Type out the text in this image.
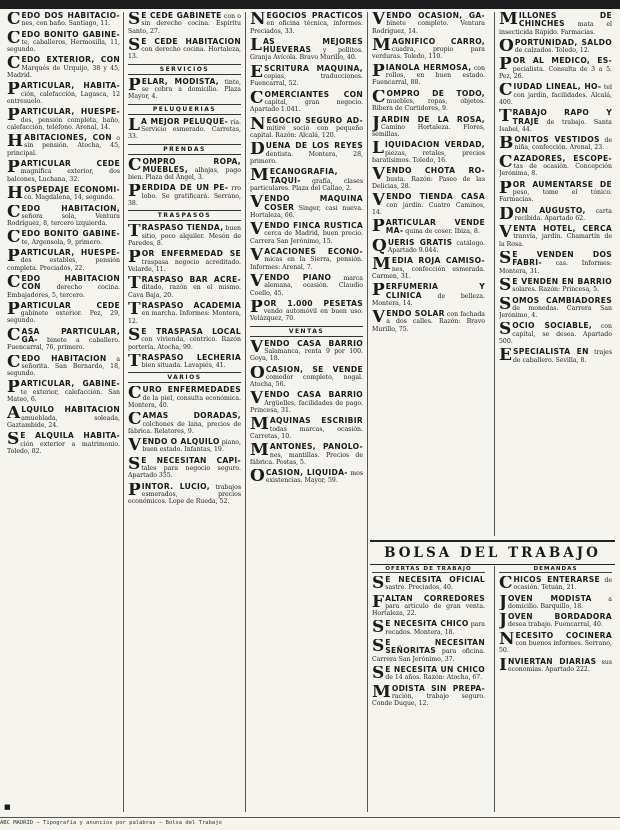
CEDO DOS HABITACIO- nes, con baño. Santiago, 11.
CEDO BONITO GABINE- te, caballeros, Hermosilla, 11, segundo.
CEDO EXTERIOR, CON Marqués de Urquijo, 38 y 45, Madrid.
PARTICULAR, HABITA- ción, calefacción, Lagasca, 12 entresuelo.
PARTICULAR, HUESPE- des, pensión completa, baño, calefacción, teléfono. Arenal, 14.
HABITACIONES, CON o sin pensión. Atocha, 45, principal.
PARTICULAR CEDE magnífica exterior, dos balcones, Luchana, 32.
HOSPEDAJE ECONOMI- co. Magdalena, 14, segundo.
CEDO HABITACION, señora sola, Ventura Rodríguez, 8, tercero izquierda.
CEDO BONITO GABINE- te, Argensola, 9, primero.
PARTICULAR, HUESPE- des estables, pensión completa. Preciados, 22.
CEDO HABITACION CON	derecho cocina. Embajadores, 5, tercero.
PARTICULAR CEDE gabinete exterior. Pez, 29, segundo.
CASA PARTICULAR, GA- binete a caballero. Fuencarral, 76, primero.
CEDO HABITACION a señorita. San Bernardo, 18, segundo.
PARTICULAR, GABINE- te exterior, calefacción. San Mateo, 6.
ALQUILO HABITACION amueblada, soleada, Gaztambide, 24.
S E ALQUILA HABITA- ción exterior a matrimonio. Toledo, 82.
S E CEDE GABINETE con o sin derecho cocina. Espíritu Santo, 27.
S E CEDE HABITACION con derecho cocina. Hortaleza, 13.
SERVICIOS
PELAR, MODISTA, tinte, se cobra a domicilio. Plaza Mayor, 4.
PELUQUERIAS
L A MEJOR PELUQUE- ría. Servicio esmerado. Carretas, 33.
PRENDAS
COMPRO ROPA, MUEBLES, alhajas, pago bien. Plaza del Ángel, 3.
PERDIDA DE UN PE- rro lobo. Se gratificará. Serrano, 38.
TRASPASOS
TRASPASO TIENDA, buen sitio, poco alquiler. Mesón de Paredes, 8.
POR ENFERMEDAD SE traspasa negocio acreditado. Velarde, 11.
TRASPASO BAR ACRE- ditado, razón en el mismo. Cava Baja, 20.
TRASPASO ACADEMIA en marcha. Informes: Montera, 12.
S E TRASPASA LOCAL con vivienda, céntrico. Razón portería. Atocha, 99.
TRASPASO LECHERIA bien situada. Lavapiés, 41.
VARIOS
CURO ENFERMEDADES de la piel, consulta económica. Montera, 40.
CAMAS DORADAS, colchones de lana, precios de fábrica. Relatores, 9.
VENDO O ALQUILO piano, buen estado. Infantas, 19.
S E NECESITAN CAPI- tales para negocio seguro. Apartado 355.
PINTOR. LUCIO, trabajos esmerados, precios económicos. Lope de Rueda, 52.
NEGOCIOS PRACTICOS en oficina técnica, informes. Preciados, 33.
LAS MEJORES HUEVERAS y pollitos. Granja Avícola. Bravo Murillo, 40.
ESCRITURA MAQUINA, copias, traducciones. Fuencarral, 52.
COMERCIANTES CON capital, gran negocio. Apartado 1.041.
NEGOCIO SEGURO AD- mitiré socio con pequeño capital. Razón: Alcalá, 120.
DUEÑA DE LOS REYES dentista. Montera, 28, primero.
MECANOGRAFIA, TAQUI- grafía, clases particulares. Plaza del Callao, 2.
VENDO MAQUINA COSER Singer, casi nueva. Hortaleza, 66.
VENDO FINCA RUSTICA cerca de Madrid, buen precio. Carrera San Jerónimo, 15.
VACACIONES ECONO- micas en la Sierra, pensión. Informes: Arenal, 7.
VENDO PIANO marca alemana, ocasión. Claudio Coello, 45.
POR 1.000 PESETAS vendo automóvil en buen uso. Velázquez, 70.
VENTAS
VENDO CASA BARRIO Salamanca, renta 9 por 100. Goya, 18.
OCASION, SE VENDE comedor completo, nogal. Atocha, 56.
VENDO CASA BARRIO Argüelles, facilidades de pago. Princesa, 31.
MAQUINAS ESCRIBIR todas marcas, ocasión. Carretas, 10.
MANTONES, PAÑOLO- nes, mantillas. Precios de fábrica. Postas, 5.
OCASION, LIQUIDA- mos existencias. Mayor, 59.
VENDO OCASION, GA- binete completo. Ventura Rodríguez, 14.
MAGNIFICO CARRO, cuadra, propio para verduras. Toledo, 110.
PIANOLA HERMOSA, con rollos, en buen estado. Fuencarral, 88.
COMPRO DE TODO, muebles, ropas, objetos. Ribera de Curtidores, 9.
JARDIN DE LA ROSA, Camino Hortaleza. Flores, semillas.
LIQUIDACION VERDAD, piezas, retales, precios baratísimos. Toledo, 16.
VENDO CHOTA RO- busta. Razón: Paseo de las Delicias, 28.
VENDO TIENDA CASA con jardín. Cuatro Caminos, 14.
PARTICULAR VENDE MA- quina de coser. Ibiza, 8.
QUERIS GRATIS catálogo. Apartado 9.044.
MEDIA ROJA CAMISO- nes, confección esmerada. Carmen, 31.
PERFUMERIA Y CLINICA	de belleza. Montera, 14.
VENDO SOLAR con fachada a dos calles. Razón: Bravo Murillo, 75.
MILLONES DE CHINCHES mata el insecticida Rápido. Farmacias.
OPORTUNIDAD, SALDO de calzados. Toledo, 12.
POR AL MEDICO, ES- pecialista. Consulta de 3 a 5. Pez, 26.
CIUDAD LINEAL, HO- tel con jardín, facilidades. Alcalá, 400.
TRABAJO RAPO Y TRAJE de trabajo. Santa Isabel, 44.
BONITOS VESTIDOS de niña, confección. Arenal, 23.
CAZADORES, ESCOPE- tas de ocasión. Concepción Jerónima, 8.
POR AUMENTARSE DE peso, tome el tónico. Farmacias.
DON AUGUSTO, carta recibida. Apartado 62.
VENTA HOTEL, CERCA tranvía, jardín. Chamartín de la Rosa.
S E VENDEN DOS FABRI- cas. Informes: Montera, 31.
S E VENDEN EN BARRIO solares. Razón: Princesa, 5.
SOMOS CAMBIADORES de monedas. Carrera San Jerónimo, 4.
SOCIO SOCIABLE, con capital, se desea. Apartado 500.
ESPECIALISTA EN trajes de caballero. Sevilla, 8.
BOLSA DEL TRABAJO
OFERTAS DE TRABAJO	DEMANDAS
S E NECESITA OFICIAL sastre. Preciados, 40.
FALTAN CORREDORES para artículo de gran venta. Hortaleza, 22.
S E NECESITA CHICO para recados. Montera, 18.
S E NECESITAN SEÑORITAS para oficina. Carrera San Jerónimo, 37.
S E NECESITA UN CHICO de 14 años. Razón: Atocha, 67.
MODISTA SIN PREPA- ración, trabajo seguro. Conde Duque, 12.
CHICOS ENTERARSE de ocasión. Tetuán, 21.
JOVEN MODISTA	a domicilio. Barquillo, 18.
JOVEN BORDADORA desea trabajo. Fuencarral, 40.
NECESITO COCINERA con buenos informes. Serrano, 50.
INVIERTAN DIARIAS sus economías. Apartado 222.
■
ABC MADRID — Tipografía y anuncios por palabras — Bolsa del Trabajo
